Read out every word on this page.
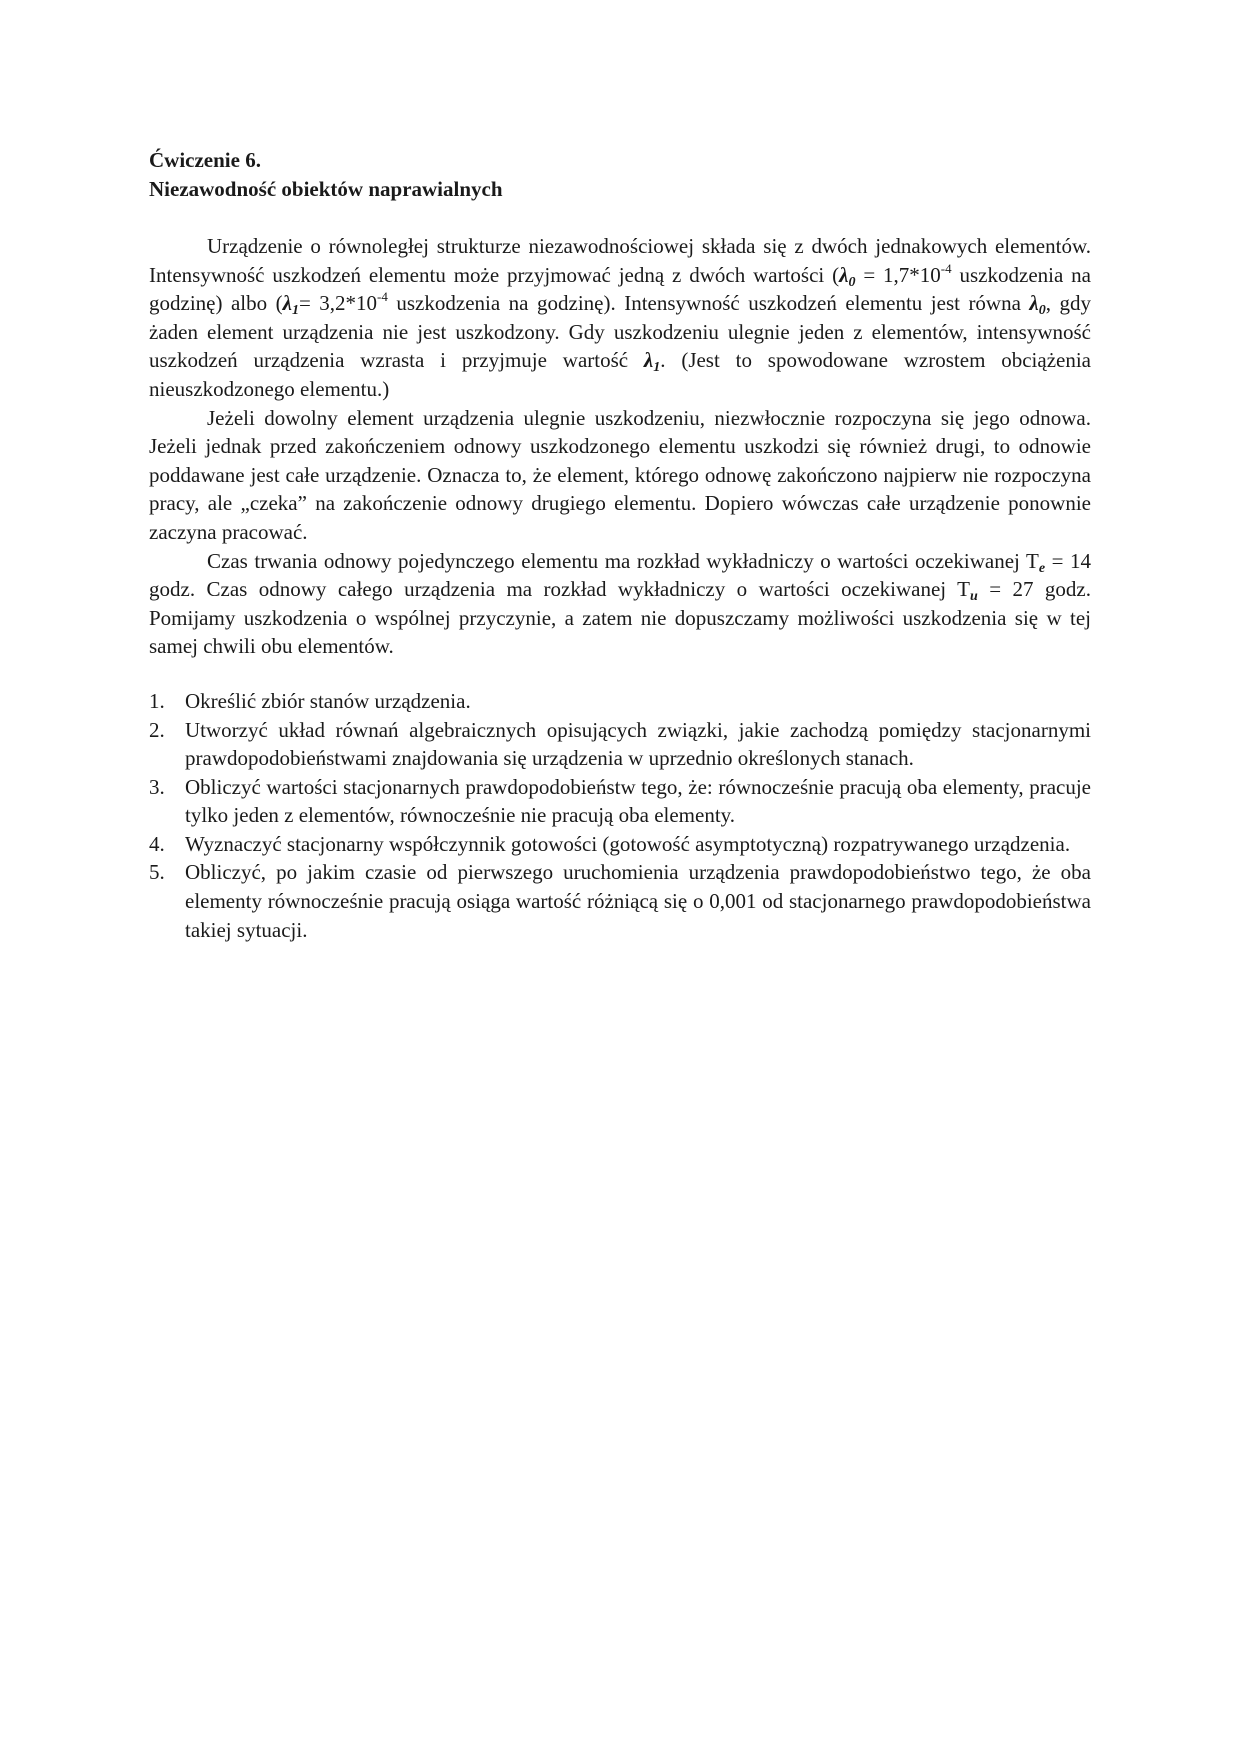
Ćwiczenie 6.

Niezawodność obiektów naprawialnych

Urządzenie o równoległej strukturze niezawodnościowej składa się z dwóch jednakowych elementów. Intensywność uszkodzeń elementu może przyjmować jedną z dwóch wartości ($\lambda 0 = 1,7*10^{-4}$ uszkodzenia na godzinę) albo ($\lambda 1= 3,2*10^{-4}$ uszkodzenia na godzinę). Intensywność uszkodzeń elementu jest równa λ0, gdy żaden element urządzenia nie jest uszkodzony. Gdy uszkodzeniu ulegnie jeden z elementów, intensywność uszkodzeń urządzenia wzrasta i przyjmuje wartość λ1. (Jest to spowodowane wzrostem obciążenia nieuszkodzonego elementu.)

Jeżeli dowolny element urządzenia ulegnie uszkodzeniu, niezwłocznie rozpoczyna się jego odnowa. Jeżeli jednak przed zakończeniem odnowy uszkodzonego elementu uszkodzi się również drugi, to odnowie poddawane jest całe urządzenie. Oznacza to, że element, którego odnowę zakończono najpierw nie rozpoczyna pracy, ale „czeka” na zakończenie odnowy drugiego elementu. Dopiero wówczas całe urządzenie ponownie zaczyna pracować.

Czas trwania odnowy pojedynczego elementu ma rozkład wykładniczy o wartości oczekiwanej Te = 14 godz. Czas odnowy całego urządzenia ma rozkład wykładniczy o wartości oczekiwanej Tu = 27 godz. Pomijamy uszkodzenia o wspólnej przyczynie, a zatem nie dopuszczamy możliwości uszkodzenia się w tej samej chwili obu elementów.

1. Określić zbiór stanów urządzenia.
2. Utworzyć układ równań algebraicznych opisujących związki, jakie zachodzą pomiędzy stacjonarnymi prawdopodobieństwami znajdowania się urządzenia w uprzednio określonych stanach.
3. Obliczyć wartości stacjonarnych prawdopodobieństw tego, że: równocześnie pracują oba elementy, pracuje tylko jeden z elementów, równocześnie nie pracują oba elementy.
4. Wyznaczyć stacjonarny współczynnik gotowości (gotowość asymptotyczną) rozpatrywanego urządzenia.
5. Obliczyć, po jakim czasie od pierwszego uruchomienia urządzenia prawdopodobieństwo tego, że oba elementy równocześnie pracują osiąga wartość różniącą się o 0,001 od stacjonarnego prawdopodobieństwa takiej sytuacji.
